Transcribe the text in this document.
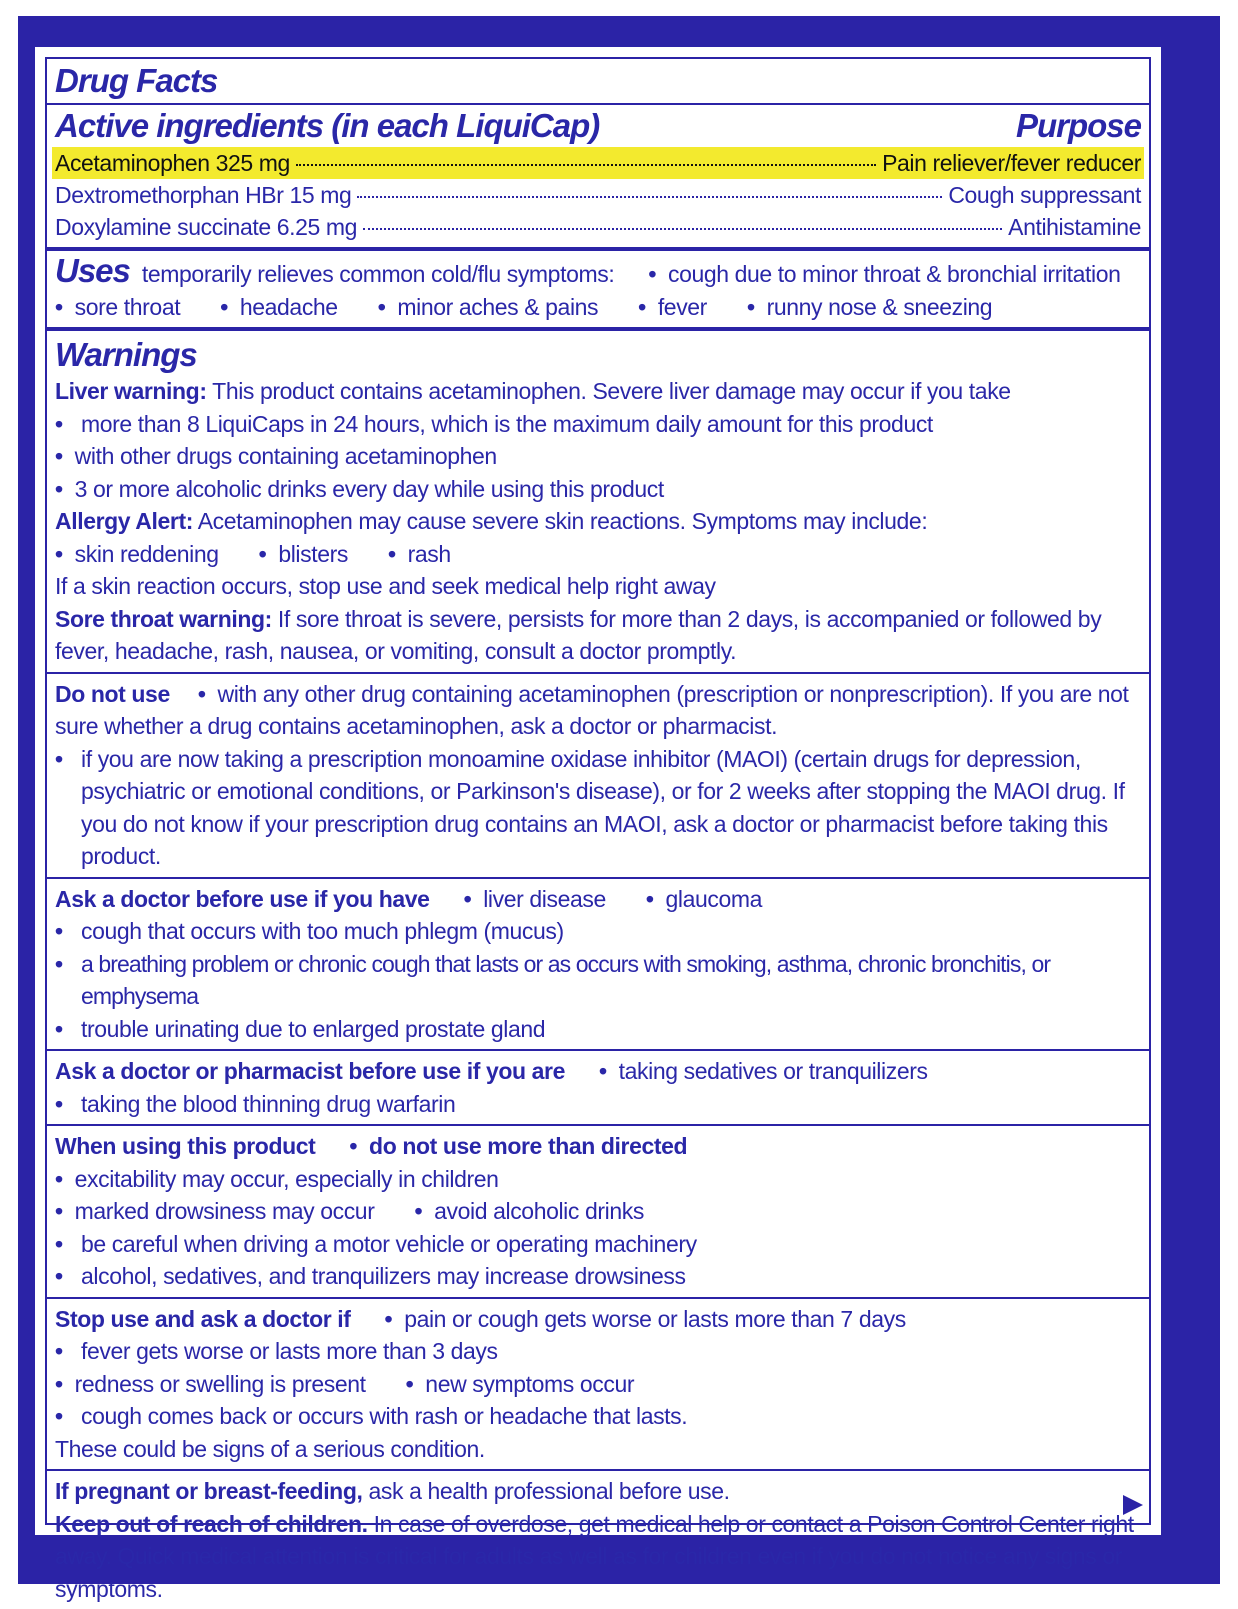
Drug Facts
Active ingredients (in each LiquiCap)	Purpose
Acetaminophen 325 mg	Pain reliever/fever reducer
Dextromethorphan HBr 15 mg	Cough suppressant
Doxylamine succinate 6.25 mg	Antihistamine
Uses temporarily relieves common cold/flu symptoms: • cough due to minor throat & bronchial irritation
• sore throat	• headache	• minor aches & pains	• fever	• runny nose & sneezing
Warnings
Liver warning: This product contains acetaminophen. Severe liver damage may occur if you take
• more than 8 LiquiCaps in 24 hours, which is the maximum daily amount for this product
• with other drugs containing acetaminophen • 3 or more alcoholic drinks every day while using this product
Allergy Alert: Acetaminophen may cause severe skin reactions. Symptoms may include:
• skin reddening	• blisters	• rash
If a skin reaction occurs, stop use and seek medical help right away
Sore throat warning: If sore throat is severe, persists for more than 2 days, is accompanied or followed by fever, headache, rash, nausea, or vomiting, consult a doctor promptly.
Do not use • with any other drug containing acetaminophen (prescription or nonprescription). If you are not sure whether a drug contains acetaminophen, ask a doctor or pharmacist.
• if you are now taking a prescription monoamine oxidase inhibitor (MAOI) (certain drugs for depression, psychiatric or emotional conditions, or Parkinson's disease), or for 2 weeks after stopping the MAOI drug. If you do not know if your prescription drug contains an MAOI, ask a doctor or pharmacist before taking this product.
Ask a doctor before use if you have • liver disease	• glaucoma
• cough that occurs with too much phlegm (mucus)
• a breathing problem or chronic cough that lasts or as occurs with smoking, asthma, chronic bronchitis, or emphysema
• trouble urinating due to enlarged prostate gland
Ask a doctor or pharmacist before use if you are • taking sedatives or tranquilizers
• taking the blood thinning drug warfarin
When using this product • do not use more than directed • excitability may occur, especially in children
• marked drowsiness may occur	• avoid alcoholic drinks
• be careful when driving a motor vehicle or operating machinery
• alcohol, sedatives, and tranquilizers may increase drowsiness
Stop use and ask a doctor if • pain or cough gets worse or lasts more than 7 days
• fever gets worse or lasts more than 3 days
• redness or swelling is present	• new symptoms occur
• cough comes back or occurs with rash or headache that lasts.
These could be signs of a serious condition.
If pregnant or breast-feeding, ask a health professional before use.
Keep out of reach of children. In case of overdose, get medical help or contact a Poison Control Center right away. Quick medical attention is critical for adults as well as for children even if you do not notice any signs or symptoms.
